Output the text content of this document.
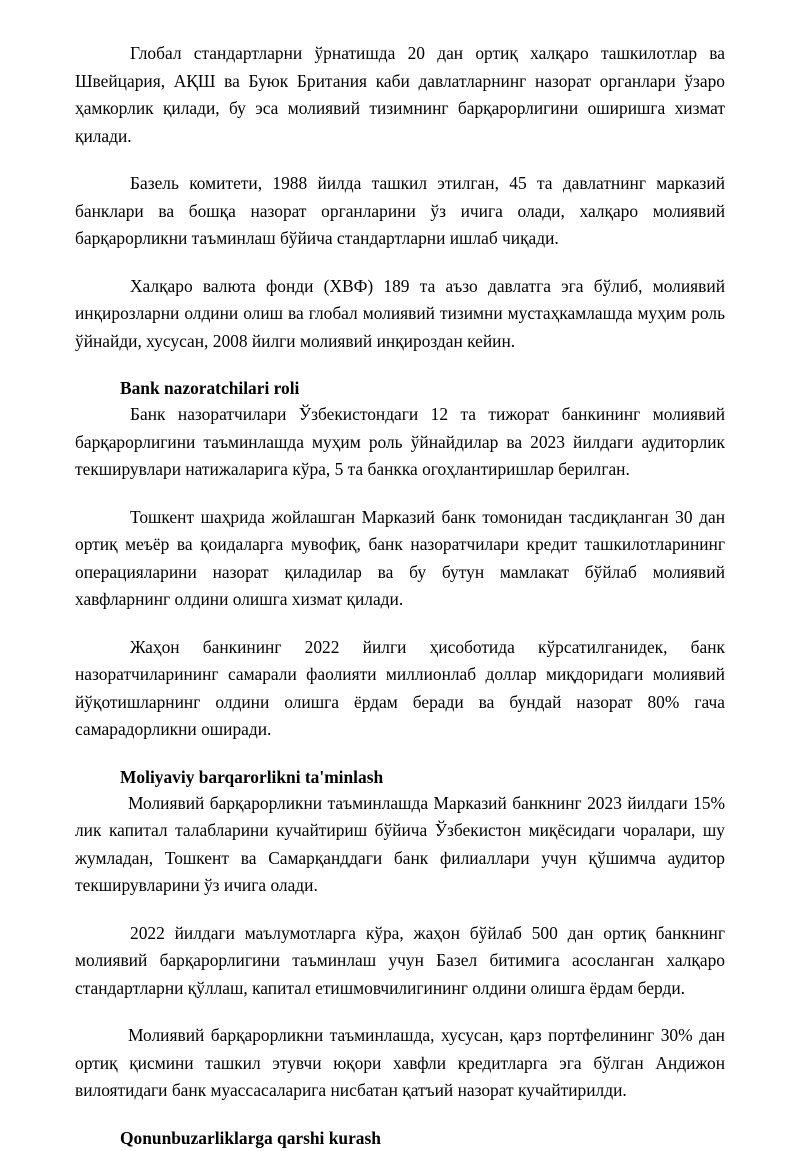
Глобал стандартларни ўрнатишда 20 дан ортиқ халқаро ташкилотлар ва Швейцария, АҚШ ва Буюк Британия каби давлатларнинг назорат органлари ўзаро ҳамкорлик қилади, бу эса молиявий тизимнинг барқарорлигини оширишга хизмат қилади.

Базель комитети, 1988 йилда ташкил этилган, 45 та давлатнинг марказий банклари ва бошқа назорат органларини ўз ичига олади, халқаро молиявий барқарорликни таъминлаш бўйича стандартларни ишлаб чиқади.

Халқаро валюта фонди (ХВФ) 189 та аъзо давлатга эга бўлиб, молиявий инқирозларни олдини олиш ва глобал молиявий тизимни мустаҳкамлашда муҳим роль ўйнайди, хусусан, 2008 йилги молиявий инқироздан кейин.

Bank nazoratchilari roli

Банк назоратчилари Ўзбекистондаги 12 та тижорат банкининг молиявий барқарорлигини таъминлашда муҳим роль ўйнайдилар ва 2023 йилдаги аудиторлик текширувлари натижаларига кўра, 5 та банкка огоҳлантиришлар берилган.

Тошкент шаҳрида жойлашган Марказий банк томонидан тасдиқланган 30 дан ортиқ меъёр ва қоидаларга мувофиқ, банк назоратчилари кредит ташкилотларининг операцияларини назорат қиладилар ва бу бутун мамлакат бўйлаб молиявий хавфларнинг олдини олишга хизмат қилади.

Жаҳон банкининг 2022 йилги ҳисоботида кўрсатилганидек, банк назоратчиларининг самарали фаолияти миллионлаб доллар миқдоридаги молиявий йўқотишларнинг олдини олишга ёрдам беради ва бундай назорат 80% гача самарадорликни оширади.

Moliyaviy barqarorlikni ta'minlash

Молиявий барқарорликни таъминлашда Марказий банкнинг 2023 йилдаги 15% лик капитал талабларини кучайтириш бўйича Ўзбекистон миқёсидаги чоралари, шу жумладан, Тошкент ва Самарқанддаги банк филиаллари учун қўшимча аудитор текширувларини ўз ичига олади.

2022 йилдаги маълумотларга кўра, жаҳон бўйлаб 500 дан ортиқ банкнинг молиявий барқарорлигини таъминлаш учун Базел битимига асосланган халқаро стандартларни қўллаш, капитал етишмовчилигининг олдини олишга ёрдам берди.

Молиявий барқарорликни таъминлашда, хусусан, қарз портфелининг 30% дан ортиқ қисмини ташкил этувчи юқори хавфли кредитларга эга бўлган Андижон вилоятидаги банк муассасаларига нисбатан қатъий назорат кучайтирилди.

Qonunbuzarliklarga qarshi kurash
